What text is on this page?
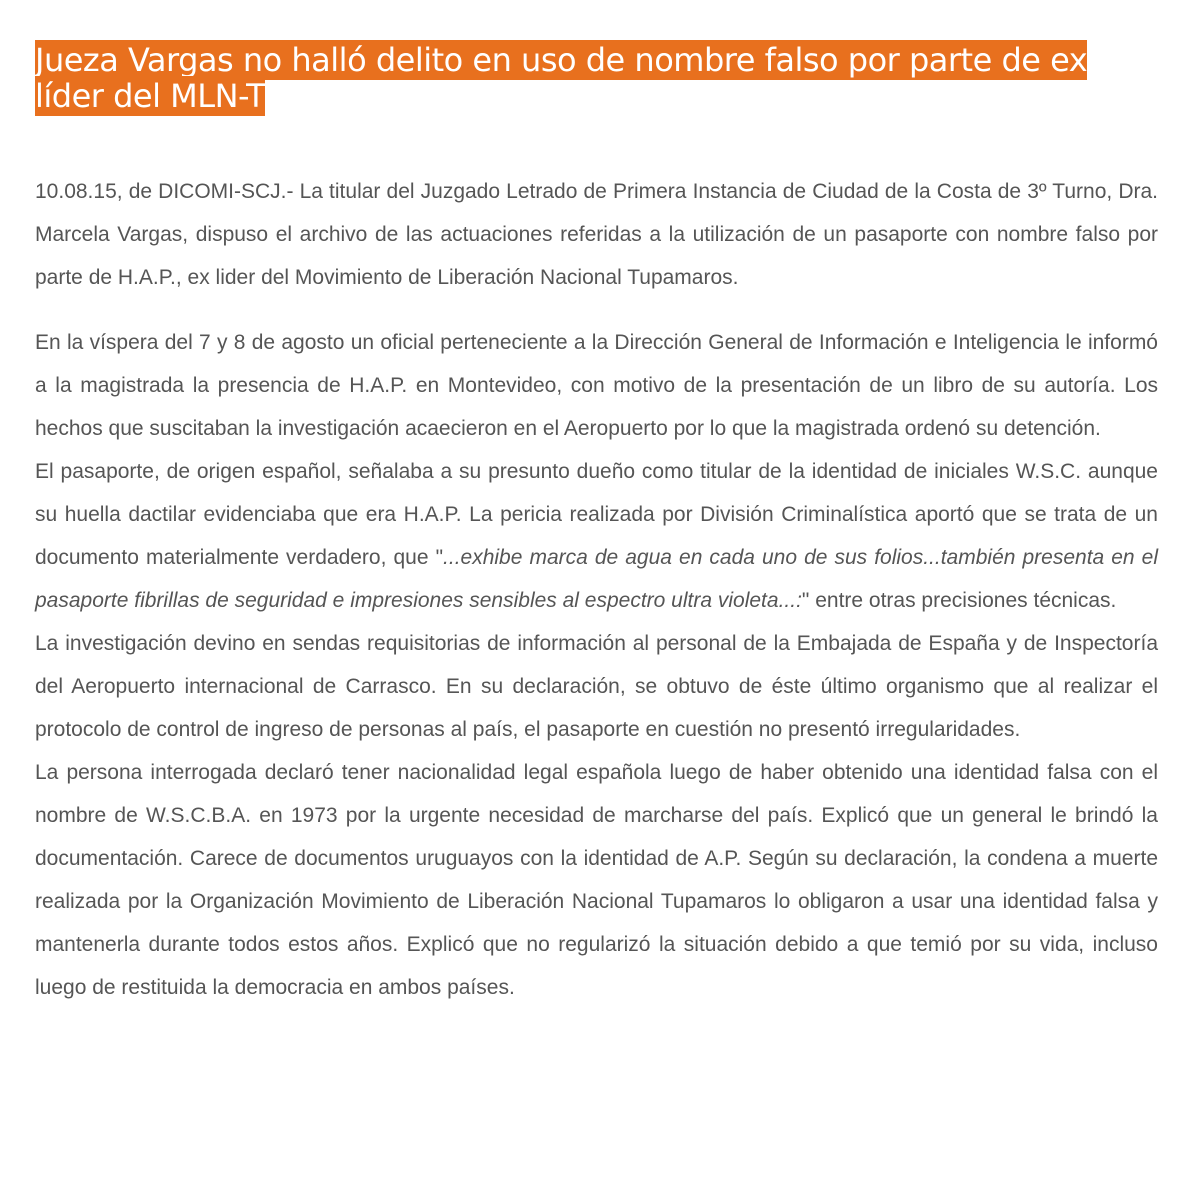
Jueza Vargas no halló delito en uso de nombre falso por parte de ex líder del MLN-T

10.08.15, de DICOMI-SCJ.- La titular del Juzgado Letrado de Primera Instancia de Ciudad de la Costa de 3º Turno, Dra. Marcela Vargas, dispuso el archivo de las actuaciones referidas a la utilización de un pasaporte con nombre falso por parte de H.A.P., ex lider del Movimiento de Liberación Nacional Tupamaros.

En la víspera del 7 y 8 de agosto un oficial perteneciente a la Dirección General de Información e Inteligencia le informó a la magistrada la presencia de H.A.P. en Montevideo, con motivo de la presentación de un libro de su autoría. Los hechos que suscitaban la investigación acaecieron en el Aeropuerto por lo que la magistrada ordenó su detención.

El pasaporte, de origen español, señalaba a su presunto dueño como titular de la identidad de iniciales W.S.C. aunque su huella dactilar evidenciaba que era H.A.P. La pericia realizada por División Criminalística aportó que se trata de un documento materialmente verdadero, que "...exhibe marca de agua en cada uno de sus folios...también presenta en el pasaporte fibrillas de seguridad e impresiones sensibles al espectro ultra violeta...:" entre otras precisiones técnicas.

La investigación devino en sendas requisitorias de información al personal de la Embajada de España y de Inspectoría del Aeropuerto internacional de Carrasco. En su declaración, se obtuvo de éste último organismo que al realizar el protocolo de control de ingreso de personas al país, el pasaporte en cuestión no presentó irregularidades.

La persona interrogada declaró tener nacionalidad legal española luego de haber obtenido una identidad falsa con el nombre de W.S.C.B.A. en 1973 por la urgente necesidad de marcharse del país. Explicó que un general le brindó la documentación. Carece de documentos uruguayos con la identidad de A.P. Según su declaración, la condena a muerte realizada por la Organización Movimiento de Liberación Nacional Tupamaros lo obligaron a usar una identidad falsa y mantenerla durante todos estos años. Explicó que no regularizó la situación debido a que temió por su vida, incluso luego de restituida la democracia en ambos países.
